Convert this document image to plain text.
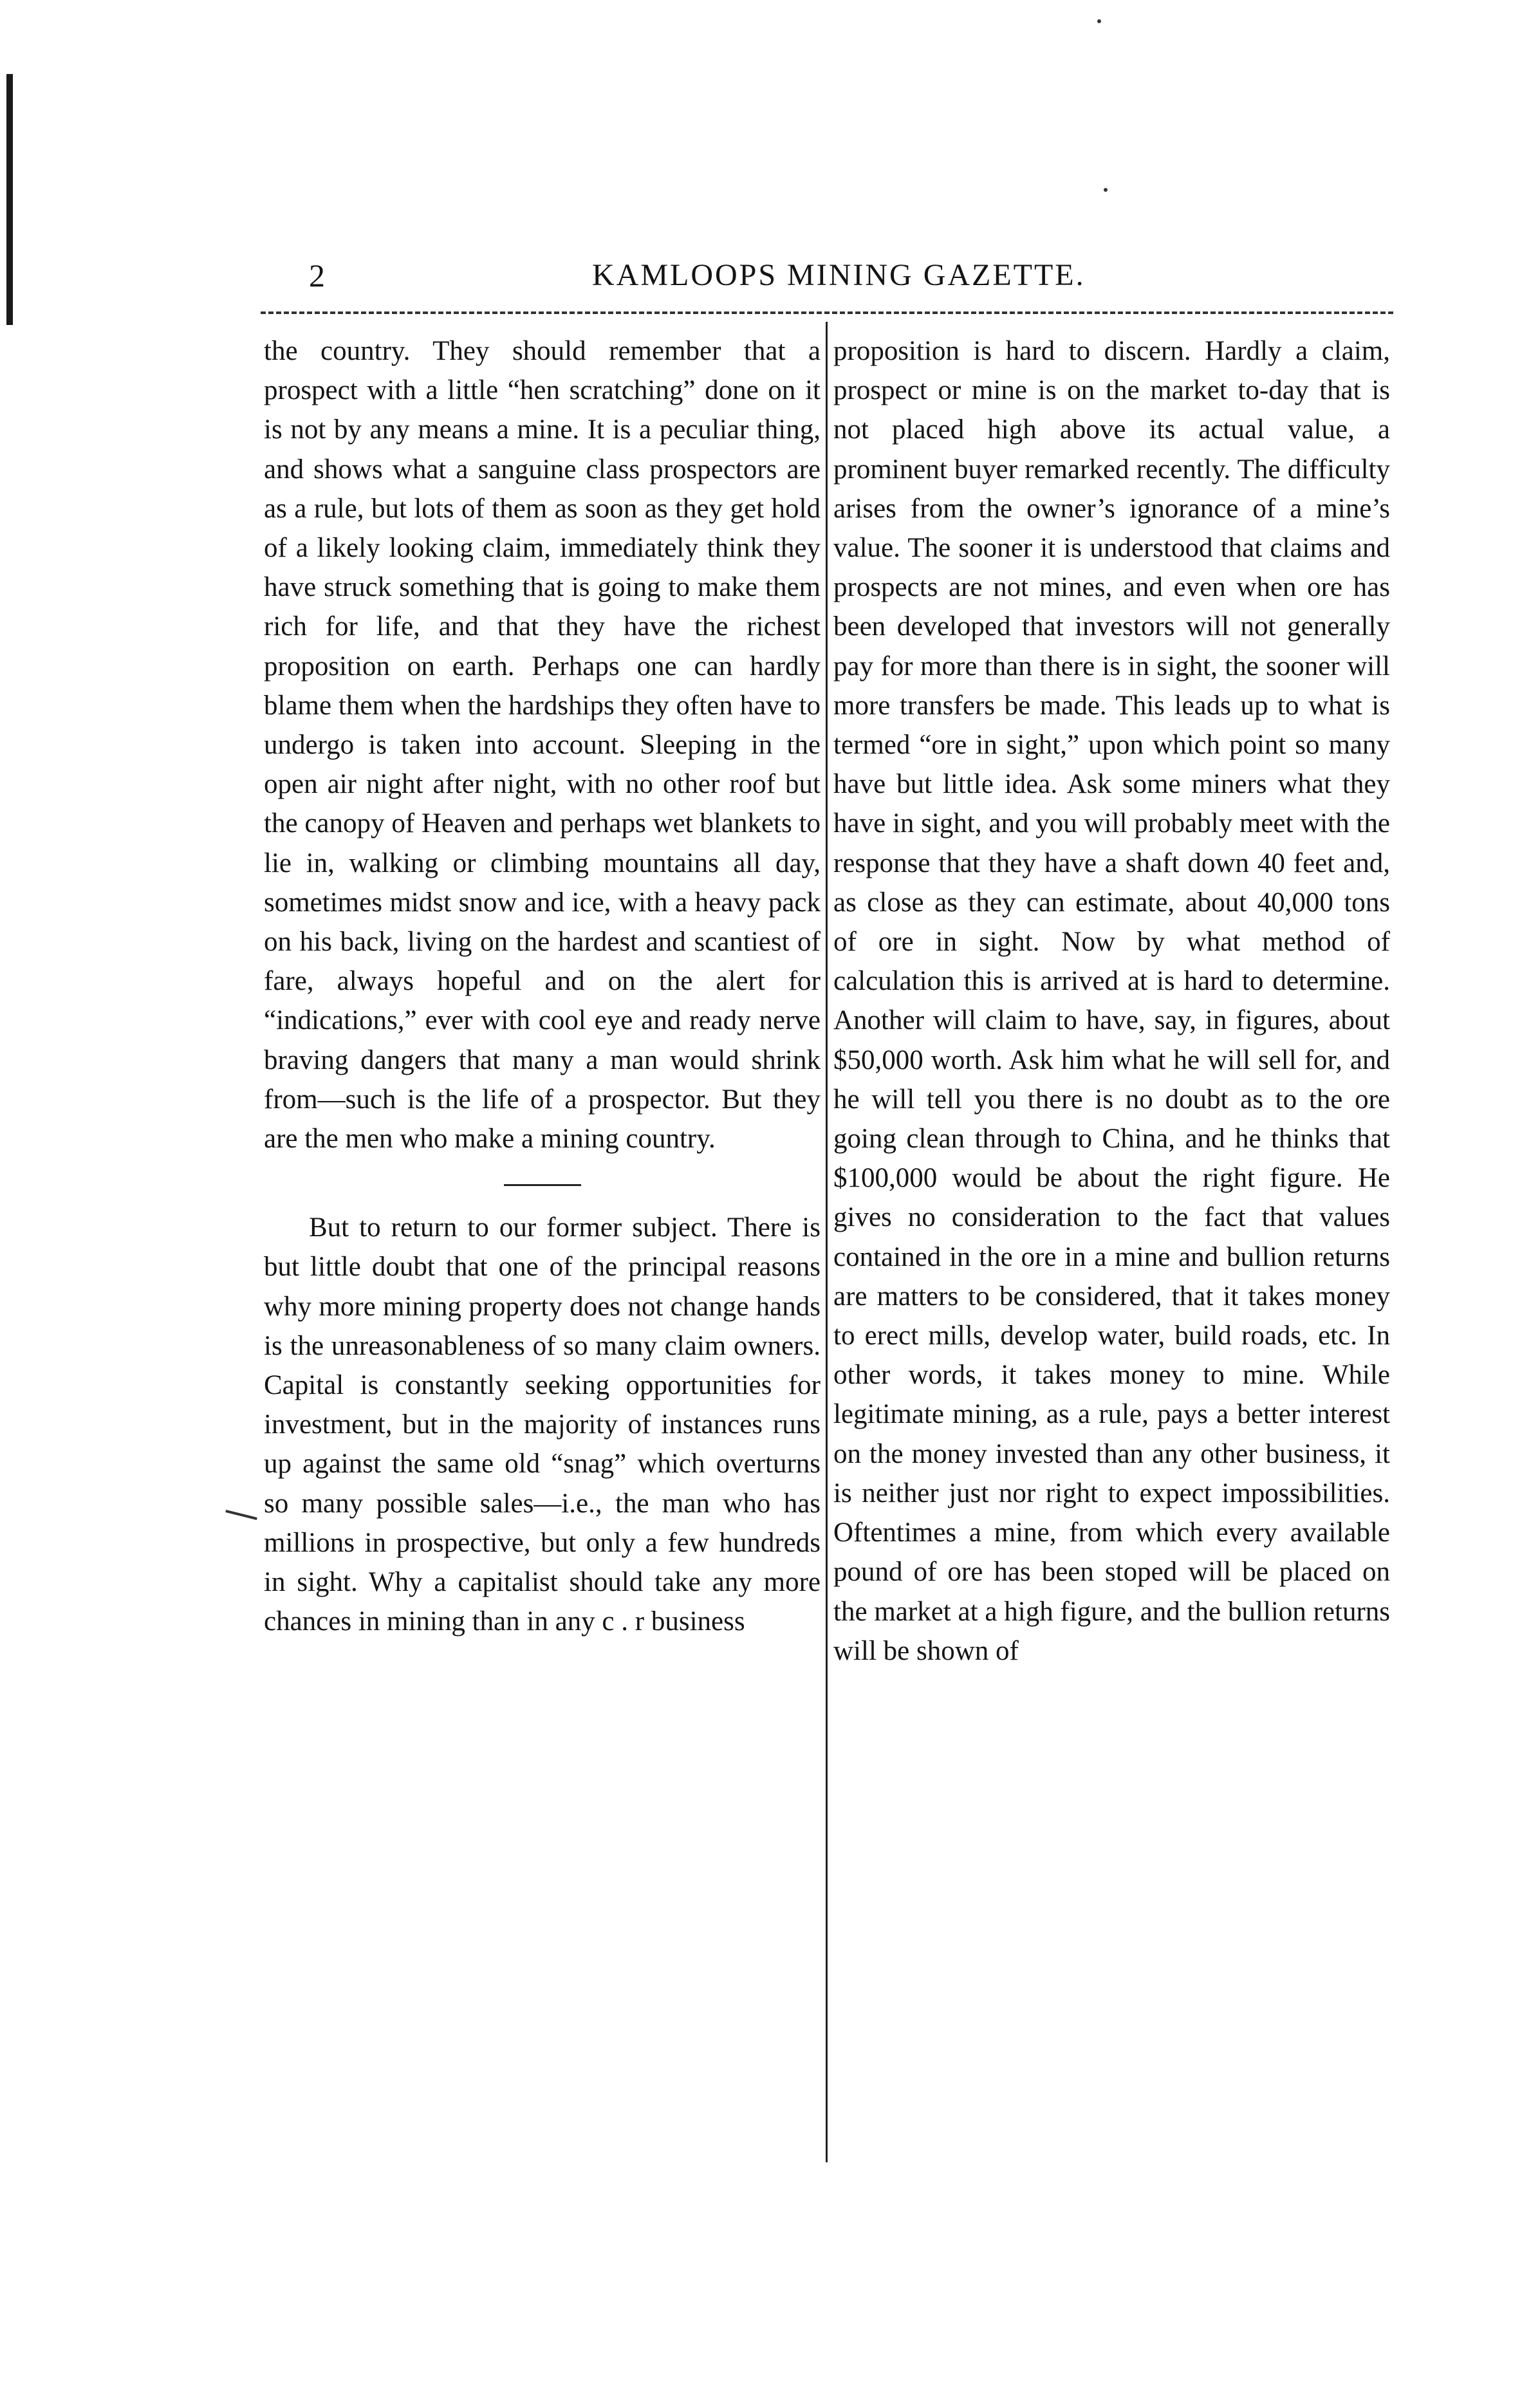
2	KAMLOOPS MINING GAZETTE.

the country. They should remember that a prospect with a little “hen scratching” done on it is not by any means a mine. It is a peculiar thing, and shows what a sanguine class prospectors are as a rule, but lots of them as soon as they get hold of a likely looking claim, immediately think they have struck something that is going to make them rich for life, and that they have the richest proposition on earth. Perhaps one can hardly blame them when the hardships they often have to undergo is taken into account. Sleeping in the open air night after night, with no other roof but the canopy of Heaven and perhaps wet blankets to lie in, walking or climbing mountains all day, sometimes midst snow and ice, with a heavy pack on his back, living on the hardest and scantiest of fare, always hopeful and on the alert for “indications,” ever with cool eye and ready nerve braving dangers that many a man would shrink from—such is the life of a prospector. But they are the men who make a mining country.

But to return to our former subject. There is but little doubt that one of the principal reasons why more mining property does not change hands is the unreasonableness of so many claim owners. Capital is constantly seeking opportunities for investment, but in the majority of instances runs up against the same old “snag” which overturns so many possible sales—i.e., the man who has millions in prospective, but only a few hundreds in sight. Why a capitalist should take any more chances in mining than in any c . r business

proposition is hard to discern. Hardly a claim, prospect or mine is on the market to-day that is not placed high above its actual value, a prominent buyer remarked recently. The difficulty arises from the owner’s ignorance of a mine’s value. The sooner it is understood that claims and prospects are not mines, and even when ore has been developed that investors will not generally pay for more than there is in sight, the sooner will more transfers be made. This leads up to what is termed “ore in sight,” upon which point so many have but little idea. Ask some miners what they have in sight, and you will probably meet with the response that they have a shaft down 40 feet and, as close as they can estimate, about 40,000 tons of ore in sight. Now by what method of calculation this is arrived at is hard to determine. Another will claim to have, say, in figures, about $50,000 worth. Ask him what he will sell for, and he will tell you there is no doubt as to the ore going clean through to China, and he thinks that $100,000 would be about the right figure. He gives no consideration to the fact that values contained in the ore in a mine and bullion returns are matters to be considered, that it takes money to erect mills, develop water, build roads, etc. In other words, it takes money to mine. While legitimate mining, as a rule, pays a better interest on the money invested than any other business, it is neither just nor right to expect impossibilities. Oftentimes a mine, from which every available pound of ore has been stoped will be placed on the market at a high figure, and the bullion returns will be shown of
